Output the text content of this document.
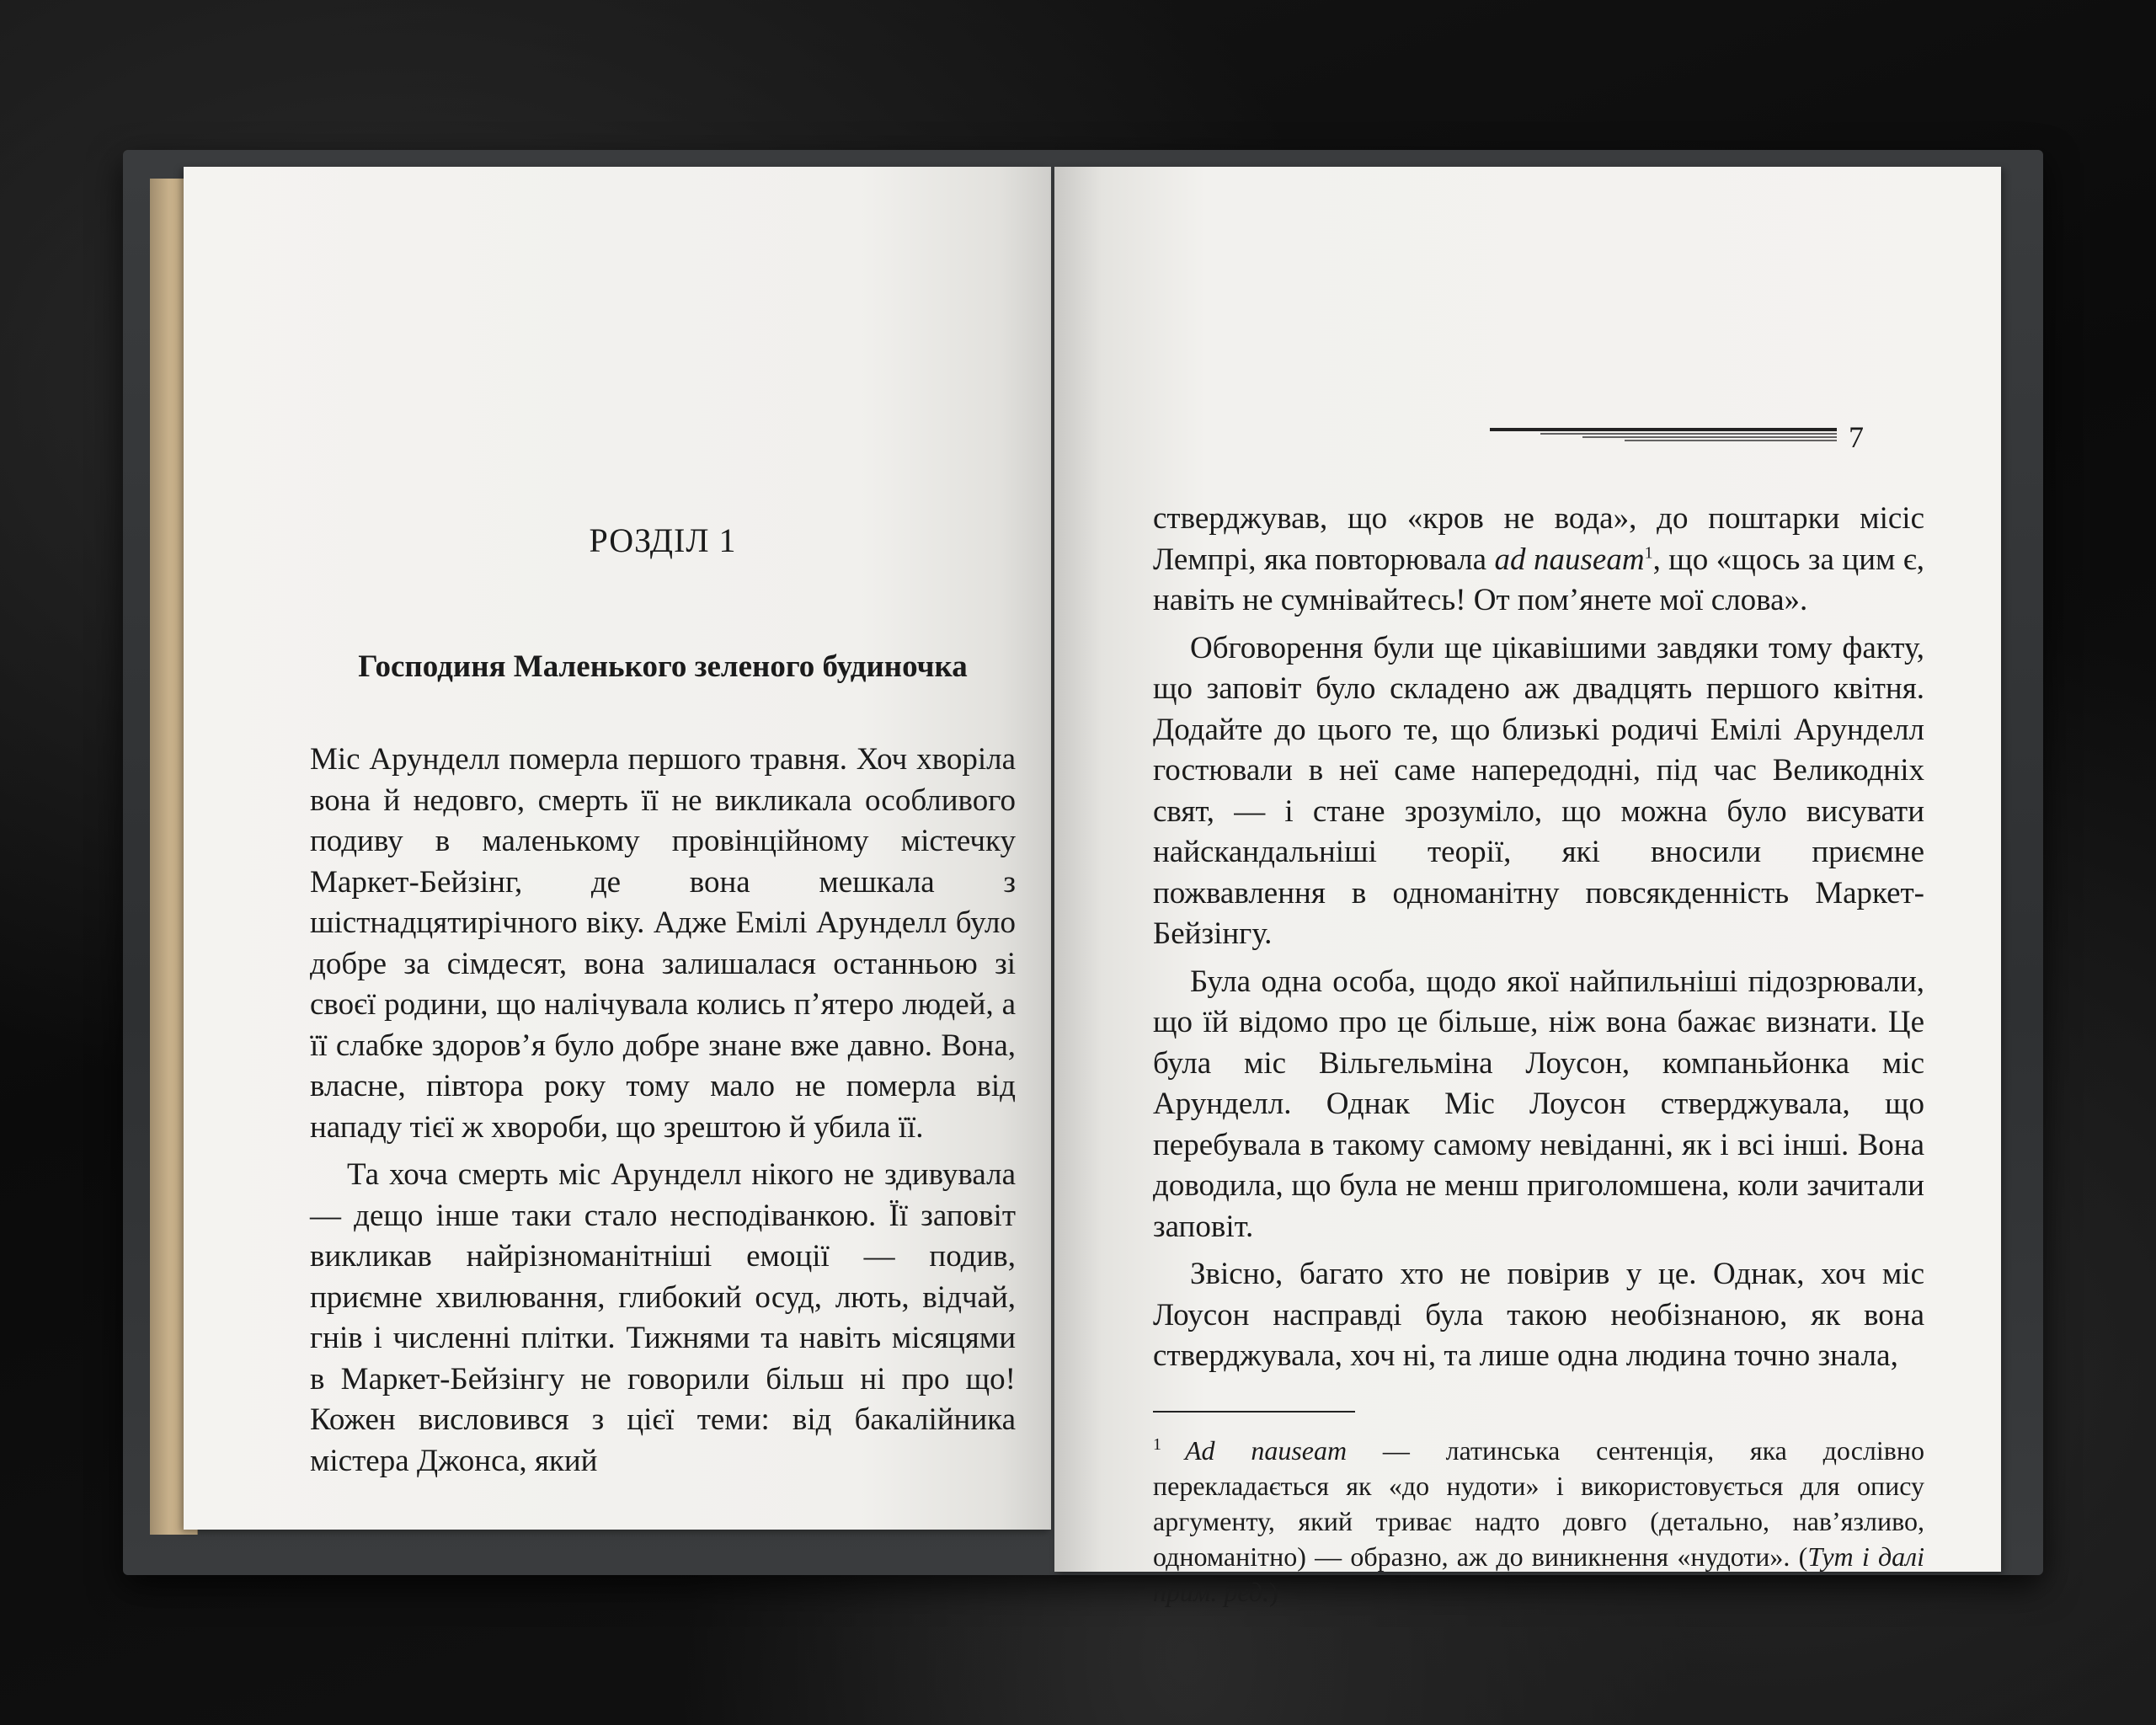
РОЗДІЛ 1
Господиня Маленького зеленого будиночка

Міс Арунделл померла першого травня. Хоч хворіла вона й недовго, смерть її не викликала особливого подиву в маленькому провінційному містечку Маркет-Бейзінг, де вона мешкала з шістнадцятирічного віку. Адже Емілі Арунделл було добре за сімдесят, вона залишалася останньою зі своєї родини, що налічувала колись п’ятеро людей, а її слабке здоров’я було добре знане вже давно. Вона, власне, півтора року тому мало не померла від нападу тієї ж хвороби, що зрештою й убила її.

Та хоча смерть міс Арунделл нікого не здивувала — дещо інше таки стало несподіванкою. Її заповіт викликав найрізноманітніші емоції — подив, приємне хвилювання, глибокий осуд, лють, відчай, гнів і численні плітки. Тижнями та навіть місяцями в Маркет-Бейзінгу не говорили більш ні про що! Кожен висловився з цієї теми: від бакалійника містера Джонса, який

7

стверджував, що «кров не вода», до поштарки місіс Лемпрі, яка повторювала ad nauseam$^1$, що «щось за цим є, навіть не сумнівайтесь! От пом’янете мої слова».

Обговорення були ще цікавішими завдяки тому факту, що заповіт було складено аж двадцять першого квітня. Додайте до цього те, що близькі родичі Емілі Арунделл гостювали в неї саме напередодні, під час Великодніх свят, — і стане зрозуміло, що можна було висувати найскандальніші теорії, які вносили приємне пожвавлення в одноманітну повсякденність Маркет-Бейзінгу.

Була одна особа, щодо якої найпильніші підозрювали, що їй відомо про це більше, ніж вона бажає визнати. Це була міс Вільгельміна Лоусон, компаньйонка міс Арунделл. Однак Міс Лоусон стверджувала, що перебувала в такому самому невіданні, як і всі інші. Вона доводила, що була не менш приголомшена, коли зачитали заповіт.

Звісно, багато хто не повірив у це. Однак, хоч міс Лоусон насправді була такою необізнаною, як вона стверджувала, хоч ні, та лише одна людина точно знала,

1 Ad nauseam — латинська сентенція, яка дослівно перекладається як «до нудоти» і використовується для опису аргументу, який триває надто довго (детально, нав’язливо, одноманітно) — образно, аж до виникнення «нудоти». (Тут і далі прим. ред.)
